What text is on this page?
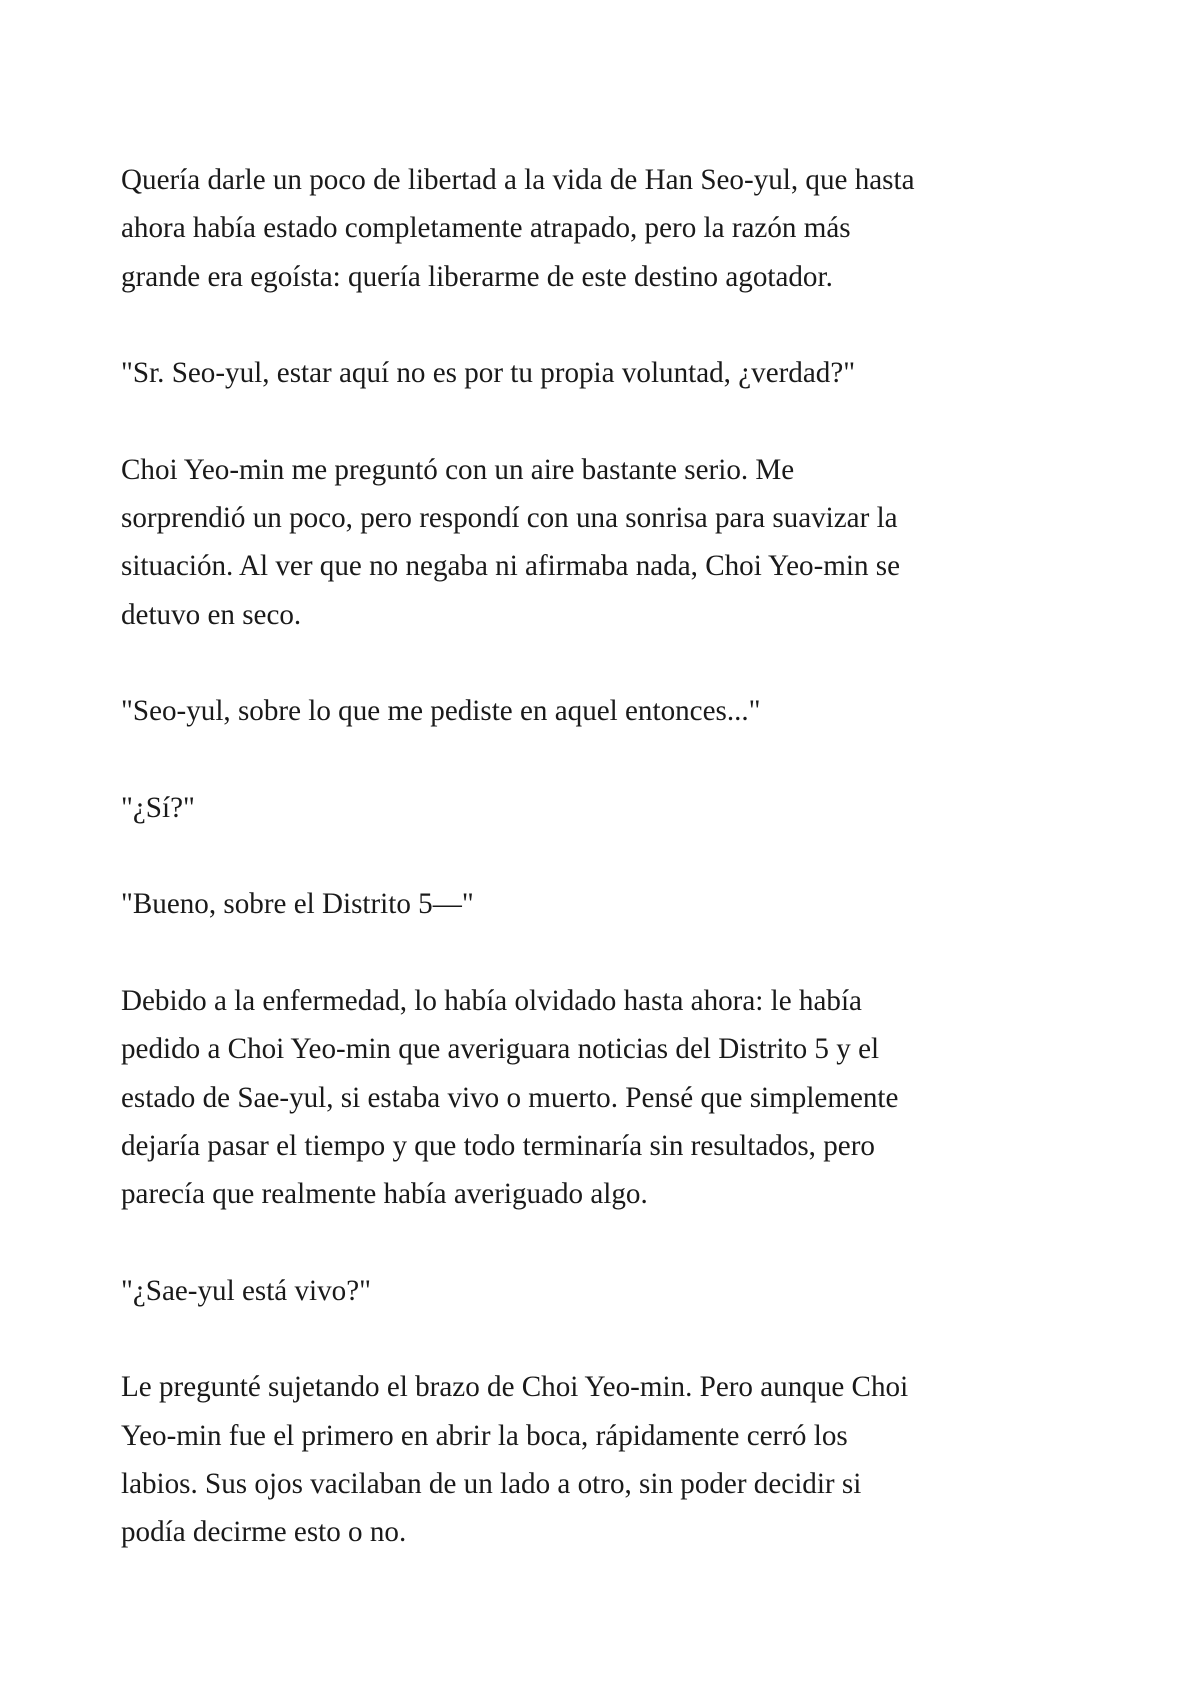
Quería darle un poco de libertad a la vida de Han Seo-yul, que hasta
ahora había estado completamente atrapado, pero la razón más
grande era egoísta: quería liberarme de este destino agotador.

"Sr. Seo-yul, estar aquí no es por tu propia voluntad, ¿verdad?"

Choi Yeo-min me preguntó con un aire bastante serio. Me
sorprendió un poco, pero respondí con una sonrisa para suavizar la
situación. Al ver que no negaba ni afirmaba nada, Choi Yeo-min se
detuvo en seco.

"Seo-yul, sobre lo que me pediste en aquel entonces..."

"¿Sí?"

"Bueno, sobre el Distrito 5—"

Debido a la enfermedad, lo había olvidado hasta ahora: le había
pedido a Choi Yeo-min que averiguara noticias del Distrito 5 y el
estado de Sae-yul, si estaba vivo o muerto. Pensé que simplemente
dejaría pasar el tiempo y que todo terminaría sin resultados, pero
parecía que realmente había averiguado algo.

"¿Sae-yul está vivo?"

Le pregunté sujetando el brazo de Choi Yeo-min. Pero aunque Choi
Yeo-min fue el primero en abrir la boca, rápidamente cerró los
labios. Sus ojos vacilaban de un lado a otro, sin poder decidir si
podía decirme esto o no.
